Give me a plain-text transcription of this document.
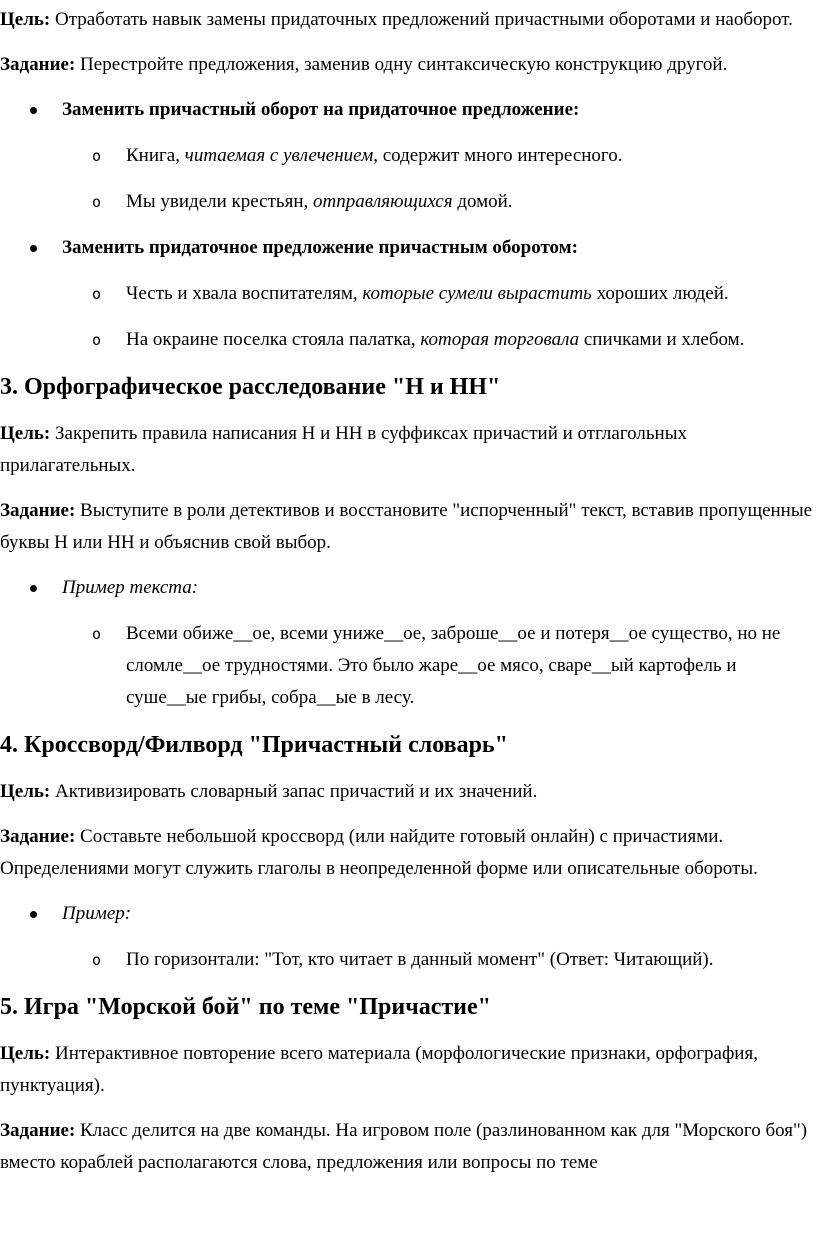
Цель: Отработать навык замены придаточных предложений причастными оборотами и наоборот.

Задание: Перестройте предложения, заменив одну синтаксическую конструкцию другой.

Заменить причастный оборот на придаточное предложение:
o Книга, читаемая с увлечением, содержит много интересного.
o Мы увидели крестьян, отправляющихся домой.
Заменить придаточное предложение причастным оборотом:
o Честь и хвала воспитателям, которые сумели вырастить хороших людей.
o На окраине поселка стояла палатка, которая торговала спичками и хлебом.
3. Орфографическое расследование "Н и НН"

Цель: Закрепить правила написания Н и НН в суффиксах причастий и отглагольных прилагательных.

Задание: Выступите в роли детективов и восстановите "испорченный" текст, вставив пропущенные буквы Н или НН и объяснив свой выбор.

Пример текста:
o Всеми обиже__ое, всеми униже__ое, заброше__ое и потеря__ое существо, но не сломле__ое трудностями. Это было жаре__ое мясо, сваре__ый картофель и суше__ые грибы, собра__ые в лесу.
4. Кроссворд/Филворд "Причастный словарь"

Цель: Активизировать словарный запас причастий и их значений.

Задание: Составьте небольшой кроссворд (или найдите готовый онлайн) с причастиями. Определениями могут служить глаголы в неопределенной форме или описательные обороты.

Пример:
o По горизонтали: "Тот, кто читает в данный момент" (Ответ: Читающий).
5. Игра "Морской бой" по теме "Причастие"

Цель: Интерактивное повторение всего материала (морфологические признаки, орфография, пунктуация).

Задание: Класс делится на две команды. На игровом поле (разлинованном как для "Морского боя") вместо кораблей располагаются слова, предложения или вопросы по теме
